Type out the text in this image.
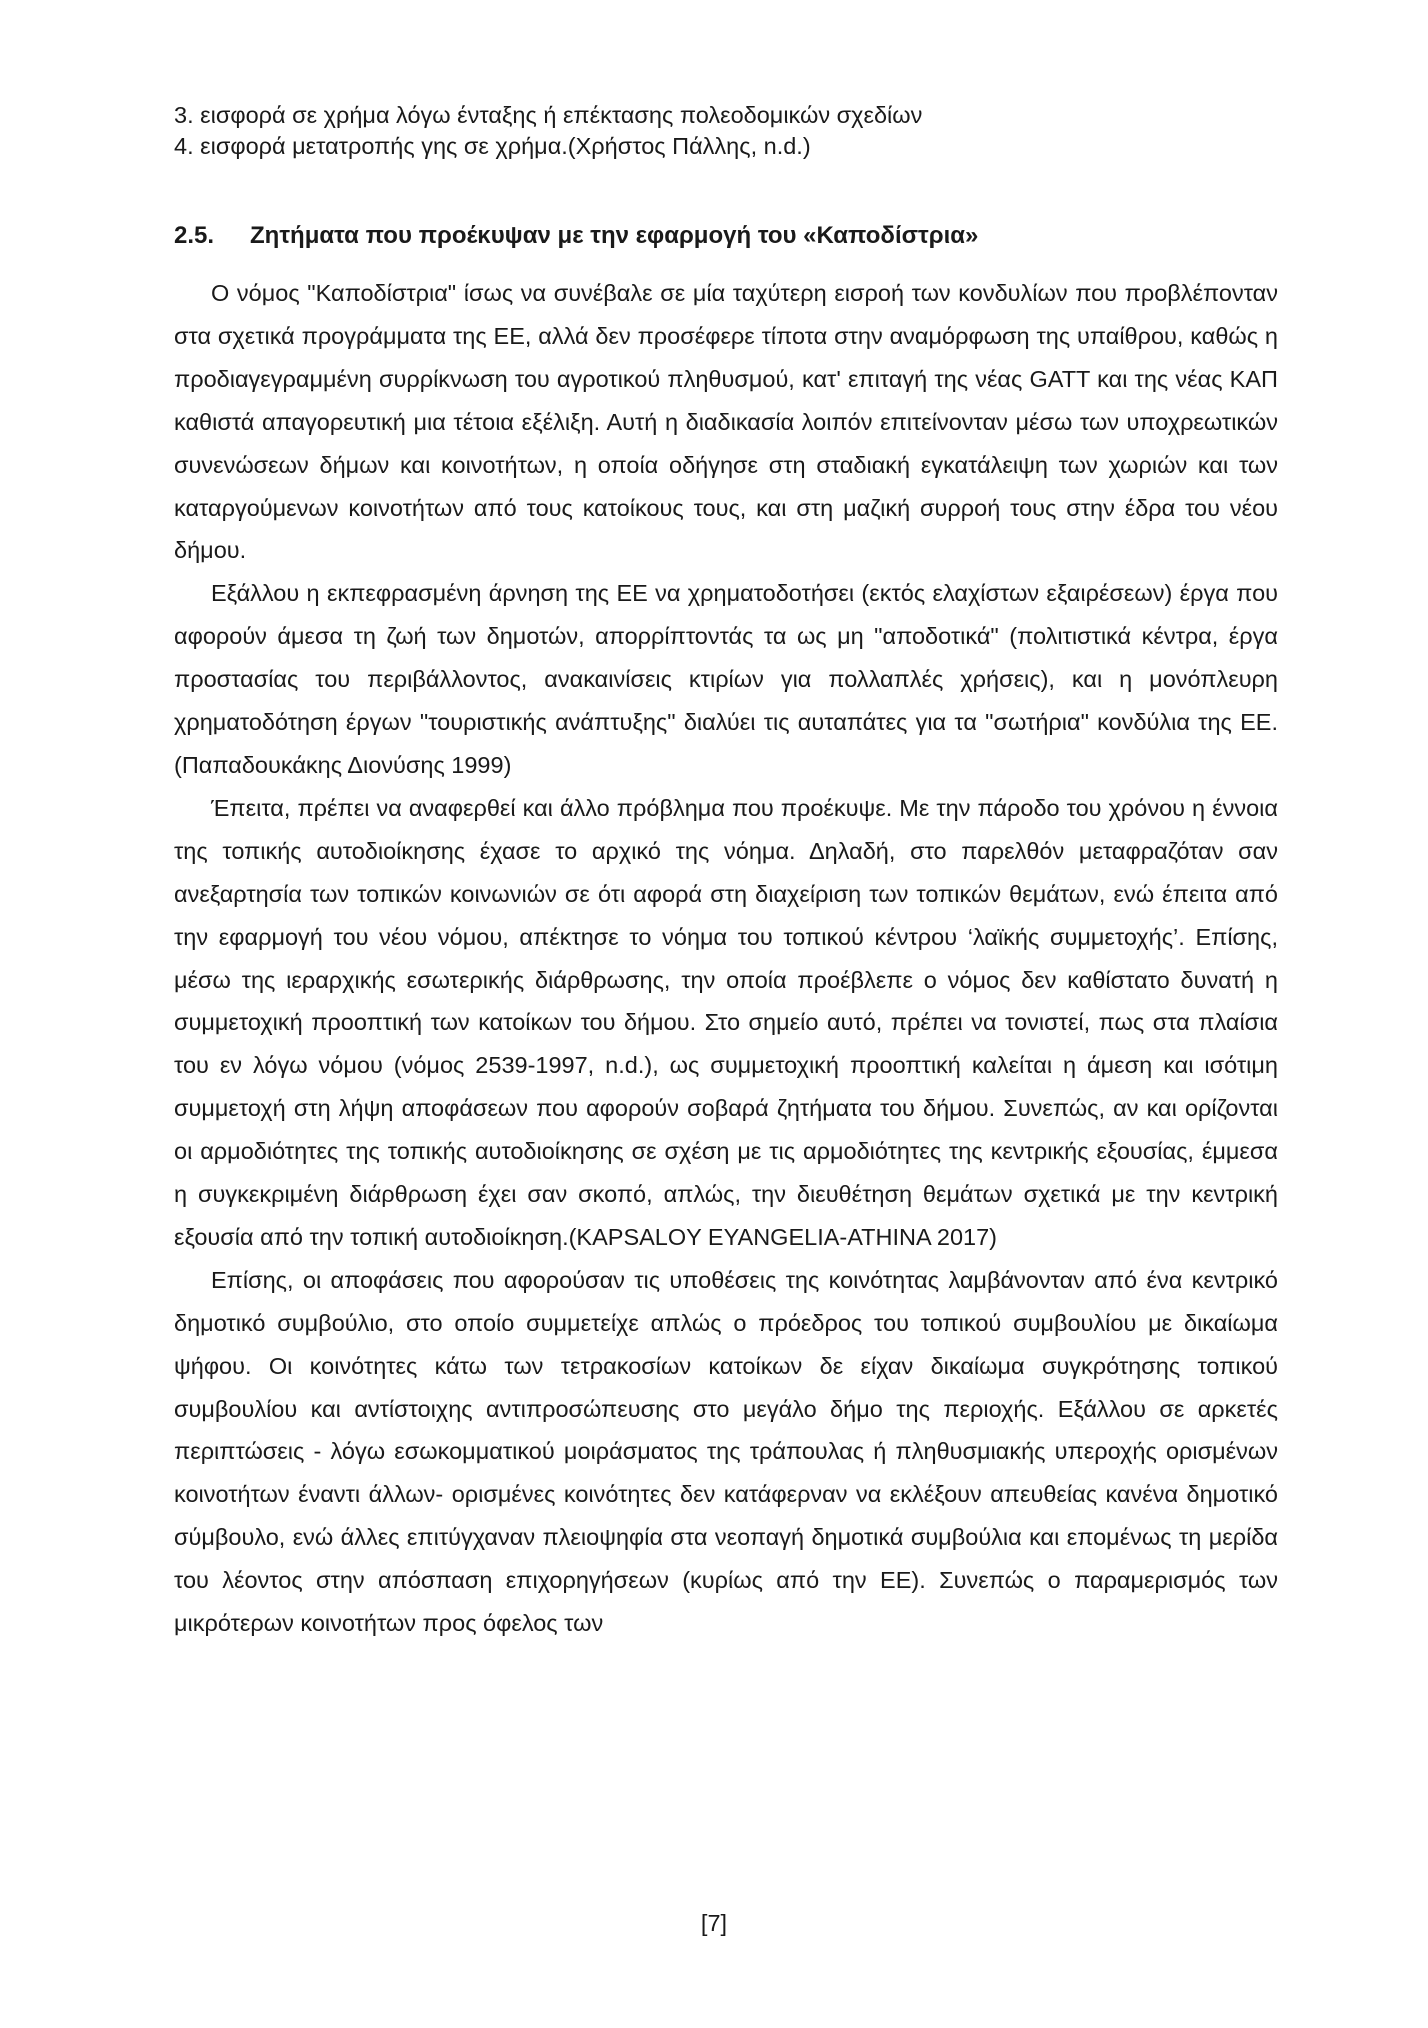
3. εισφορά σε χρήμα λόγω ένταξης ή επέκτασης πολεοδομικών σχεδίων

4. εισφορά μετατροπής γης σε χρήμα.(Χρήστος Πάλλης, n.d.)

2.5. Ζητήματα που προέκυψαν με την εφαρμογή του «Καποδίστρια»

Ο νόμος "Καποδίστρια" ίσως να συνέβαλε σε μία ταχύτερη εισροή των κονδυλίων που προβλέπονταν στα σχετικά προγράμματα της ΕΕ, αλλά δεν προσέφερε τίποτα στην αναμόρφωση της υπαίθρου, καθώς η προδιαγεγραμμένη συρρίκνωση του αγροτικού πληθυσμού, κατ' επιταγή της νέας GATT και της νέας ΚΑΠ καθιστά απαγορευτική μια τέτοια εξέλιξη. Αυτή η διαδικασία λοιπόν επιτείνονταν μέσω των υποχρεωτικών συνενώσεων δήμων και κοινοτήτων, η οποία οδήγησε στη σταδιακή εγκατάλειψη των χωριών και των καταργούμενων κοινοτήτων από τους κατοίκους τους, και στη μαζική συρροή τους στην έδρα του νέου δήμου.

Εξάλλου η εκπεφρασμένη άρνηση της ΕΕ να χρηματοδοτήσει (εκτός ελαχίστων εξαιρέσεων) έργα που αφορούν άμεσα τη ζωή των δημοτών, απορρίπτοντάς τα ως μη "αποδοτικά" (πολιτιστικά κέντρα, έργα προστασίας του περιβάλλοντος, ανακαινίσεις κτιρίων για πολλαπλές χρήσεις), και η μονόπλευρη χρηματοδότηση έργων "τουριστικής ανάπτυξης" διαλύει τις αυταπάτες για τα "σωτήρια" κονδύλια της ΕΕ.(Παπαδουκάκης Διονύσης 1999)

Έπειτα, πρέπει να αναφερθεί και άλλο πρόβλημα που προέκυψε. Με την πάροδο του χρόνου η έννοια της τοπικής αυτοδιοίκησης έχασε το αρχικό της νόημα. Δηλαδή, στο παρελθόν μεταφραζόταν σαν ανεξαρτησία των τοπικών κοινωνιών σε ότι αφορά στη διαχείριση των τοπικών θεμάτων, ενώ έπειτα από την εφαρμογή του νέου νόμου, απέκτησε το νόημα του τοπικού κέντρου ‘λαϊκής συμμετοχής’. Επίσης, μέσω της ιεραρχικής εσωτερικής διάρθρωσης, την οποία προέβλεπε ο νόμος δεν καθίστατο δυνατή η συμμετοχική προοπτική των κατοίκων του δήμου. Στο σημείο αυτό, πρέπει να τονιστεί, πως στα πλαίσια του εν λόγω νόμου (νόμος 2539-1997, n.d.), ως συμμετοχική προοπτική καλείται η άμεση και ισότιμη συμμετοχή στη λήψη αποφάσεων που αφορούν σοβαρά ζητήματα του δήμου. Συνεπώς, αν και ορίζονται οι αρμοδιότητες της τοπικής αυτοδιοίκησης σε σχέση με τις αρμοδιότητες της κεντρικής εξουσίας, έμμεσα η συγκεκριμένη διάρθρωση έχει σαν σκοπό, απλώς, την διευθέτηση θεμάτων σχετικά με την κεντρική εξουσία από την τοπική αυτοδιοίκηση.(KAPSALOY EYANGELIA-ATHINA 2017)

Επίσης, οι αποφάσεις που αφορούσαν τις υποθέσεις της κοινότητας λαμβάνονταν από ένα κεντρικό δημοτικό συμβούλιο, στο οποίο συμμετείχε απλώς ο πρόεδρος του τοπικού συμβουλίου με δικαίωμα ψήφου. Οι κοινότητες κάτω των τετρακοσίων κατοίκων δε είχαν δικαίωμα συγκρότησης τοπικού συμβουλίου και αντίστοιχης αντιπροσώπευσης στο μεγάλο δήμο της περιοχής. Εξάλλου σε αρκετές περιπτώσεις - λόγω εσωκομματικού μοιράσματος της τράπουλας ή πληθυσμιακής υπεροχής ορισμένων κοινοτήτων έναντι άλλων- ορισμένες κοινότητες δεν κατάφερναν να εκλέξουν απευθείας κανένα δημοτικό σύμβουλο, ενώ άλλες επιτύγχαναν πλειοψηφία στα νεοπαγή δημοτικά συμβούλια και επομένως τη μερίδα του λέοντος στην απόσπαση επιχορηγήσεων (κυρίως από την ΕΕ). Συνεπώς ο παραμερισμός των μικρότερων κοινοτήτων προς όφελος των

[7]
